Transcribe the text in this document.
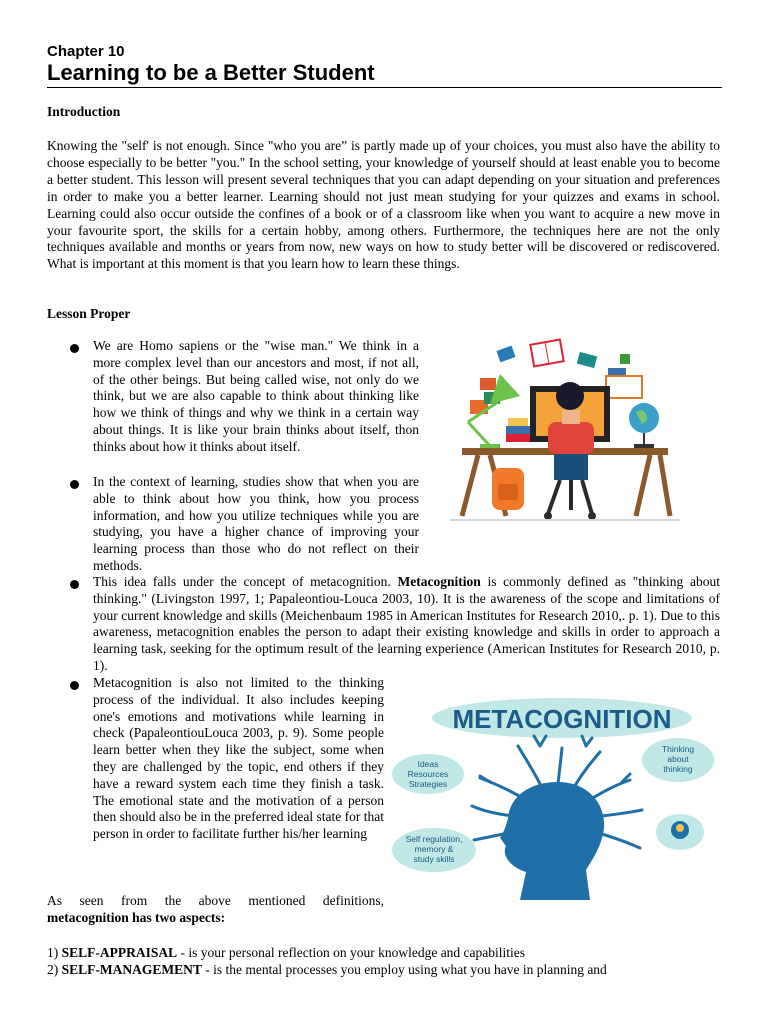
Chapter 10
Learning to be a Better Student
Introduction

Knowing the "self' is not enough. Since "who you are” is partly made up of your choices, you must also have the ability to choose especially to be better "you." In the school setting, your knowledge of yourself should at least enable you to become a better student. This lesson will present several techniques that you can adapt depending on your situation and preferences in order to make you a better learner. Learning should not just mean studying for your quizzes and exams in school. Learning could also occur outside the confines of a book or of a classroom like when you want to acquire a new move in your favourite sport, the skills for a certain hobby, among others. Furthermore, the techniques here are not the only techniques available and months or years from now, new ways on how to study better will be discovered or rediscovered. What is important at this moment is that you learn how to learn these things.

Lesson Proper
We are Homo sapiens or the "wise man." We think in a more complex level than our ancestors and most, if not all, of the other beings. But being called wise, not only do we think, but we are also capable to think about thinking like how we think of things and why we think in a certain way about things. It is like your brain thinks about itself, thon thinks about how it thinks about itself.
In the context of learning, studies show that when you are able to think about how you think, how you process information, and how you utilize techniques while you are studying, you have a higher chance of improving your learning process than those who do not reflect on their methods.
This idea falls under the concept of metacognition. Metacognition is commonly defined as "thinking about thinking." (Livingston 1997, 1; Papaleontiou-Louca 2003, 10). It is the awareness of the scope and limitations of your current knowledge and skills (Meichenbaum 1985 in American Institutes for Research 2010,. p. 1). Due to this awareness, metacognition enables the person to adapt their existing knowledge and skills in order to approach a learning task, seeking for the optimum result of the learning experience (American Institutes for Research 2010, p. 1).
Metacognition is also not limited to the thinking process of the individual. It also includes keeping one's emotions and motivations while learning in check (PapaleontiouLouca 2003, p. 9). Some people learn better when they like the subject, some when they are challenged by the topic, end others if they have a reward system each time they finish a task. The emotional state and the motivation of a person then should also be in the preferred ideal state for that person in order to facilitate further his/her learning

As seen from the above mentioned definitions,

metacognition has two aspects:

1) SELF-APPRAISAL - is your personal reflection on your knowledge and capabilities
2) SELF-MANAGEMENT - is the mental processes you employ using what you have in planning and
METACOGNITION
Ideas
Resources
Strategies
Thinking
about
thinking
Self regulation,
memory &
study skills
